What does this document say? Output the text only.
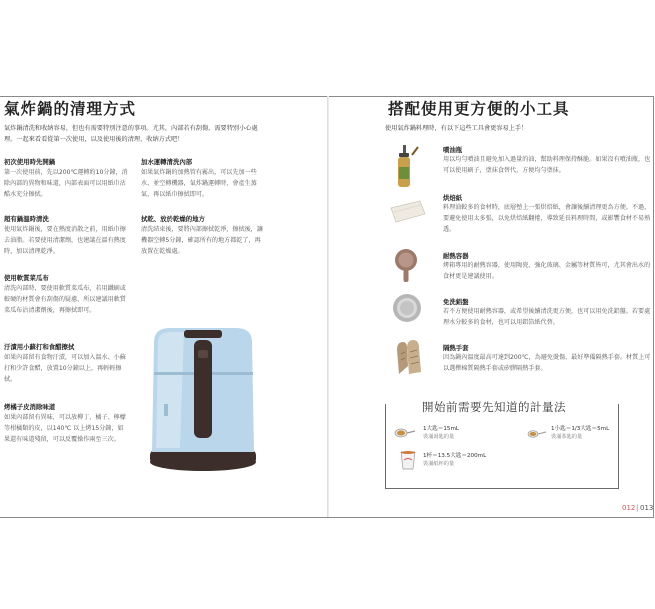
氣炸鍋的清理方式
氣炸鍋清洗和收納容易，但也有需要特別注意的事項。尤其，內部若有刮傷，需要特別小心處理。一起來看看從第一次使用，以及使用後的清理、收納方式吧！
初次使用時先開鍋

第一次使用前，先以200℃運轉約10分鐘，消除內部的異物和味道，內部表面可以用紙巾沾酷水充分擦拭。

超有鍋溫時清洗

使用氣炸鍋後，要在熱度消散之前，用紙巾擦去油脂。若要使用清潔劑，也建議在溫有熱度時，加以清理乾淨。

使用軟質菜瓜布

清洗內部時，要使用軟質菜瓜布，若用鐵刷或較硬的材質會有刮傷的疑慮，所以建議用軟質菜瓜布沾清潔劑後，再擦拭即可。

汙漬用小蘇打和食醋擦拭

如果內部留有食物汙漬，可以加入溫水、小蘇打和少許食醋，放置10分鐘以上，再輕輕擦拭。

烤橘子皮消除味道

如果內部留有異味，可以放柳丁、橘子、檸檬等柑橘類的皮，以140℃ 以上烤15分鐘，如果還有味道殘留，可以反覆操作兩至三次。

加水運轉清洗內部

如果氣炸鍋的加熱管有霧出，可以先加一些水，並空轉機器，氣炸鍋運轉時，會產生蒸氣，再以紙巾擦拭即可。

拭乾、放於乾燥的地方

清洗結束後，要將內部擦拭乾淨，擦拭後，讓機器空轉5分鐘，確認所有的地方都乾了，再放置在乾燥處。

搭配使用更方便的小工具
使用氣炸鍋料理時，有以下這些工具會更容易上手！
噴油瓶

用以均勻噴油且避免加入過量的油，幫助料理保持酥脆。如果沒有噴油瓶，也可以使用刷子，塗抹食替代，方便均勻塗抹。

烘焙紙

料理油較多的食材時，底層墊上一張烘焙紙，會讓後續清理更為方便。不過，要避免使用太多張，以免烘焙紙翻捲，導致延長料理時間，或影響食材不易熟透。

耐熱容器

烤箱專用的耐熱容器，使用陶瓷、強化玻璃、金屬等材質皆可，尤其會出水的食材更是建議使用。

免洗鋁盤

若不方便使用耐熱容器，或希望後續清洗更方便，也可以用免洗鋁盤。若要處理水分較多的食材，也可以用鋁箔紙代替。

隔熱手套

因為鍋內溫度最高可達到200℃，為避免燙傷，最好準備隔熱手套。材質上可以選擇棉質隔熱手套或矽膠隔熱手套。

開始前需要先知道的計量法
1大匙＝15mL
裝滿湯匙的量
1小匙＝1/3大匙＝5mL
裝滿茶匙的量
1杯＝13.5大匙＝200mL
裝滿紙杯的量
012 | 013
